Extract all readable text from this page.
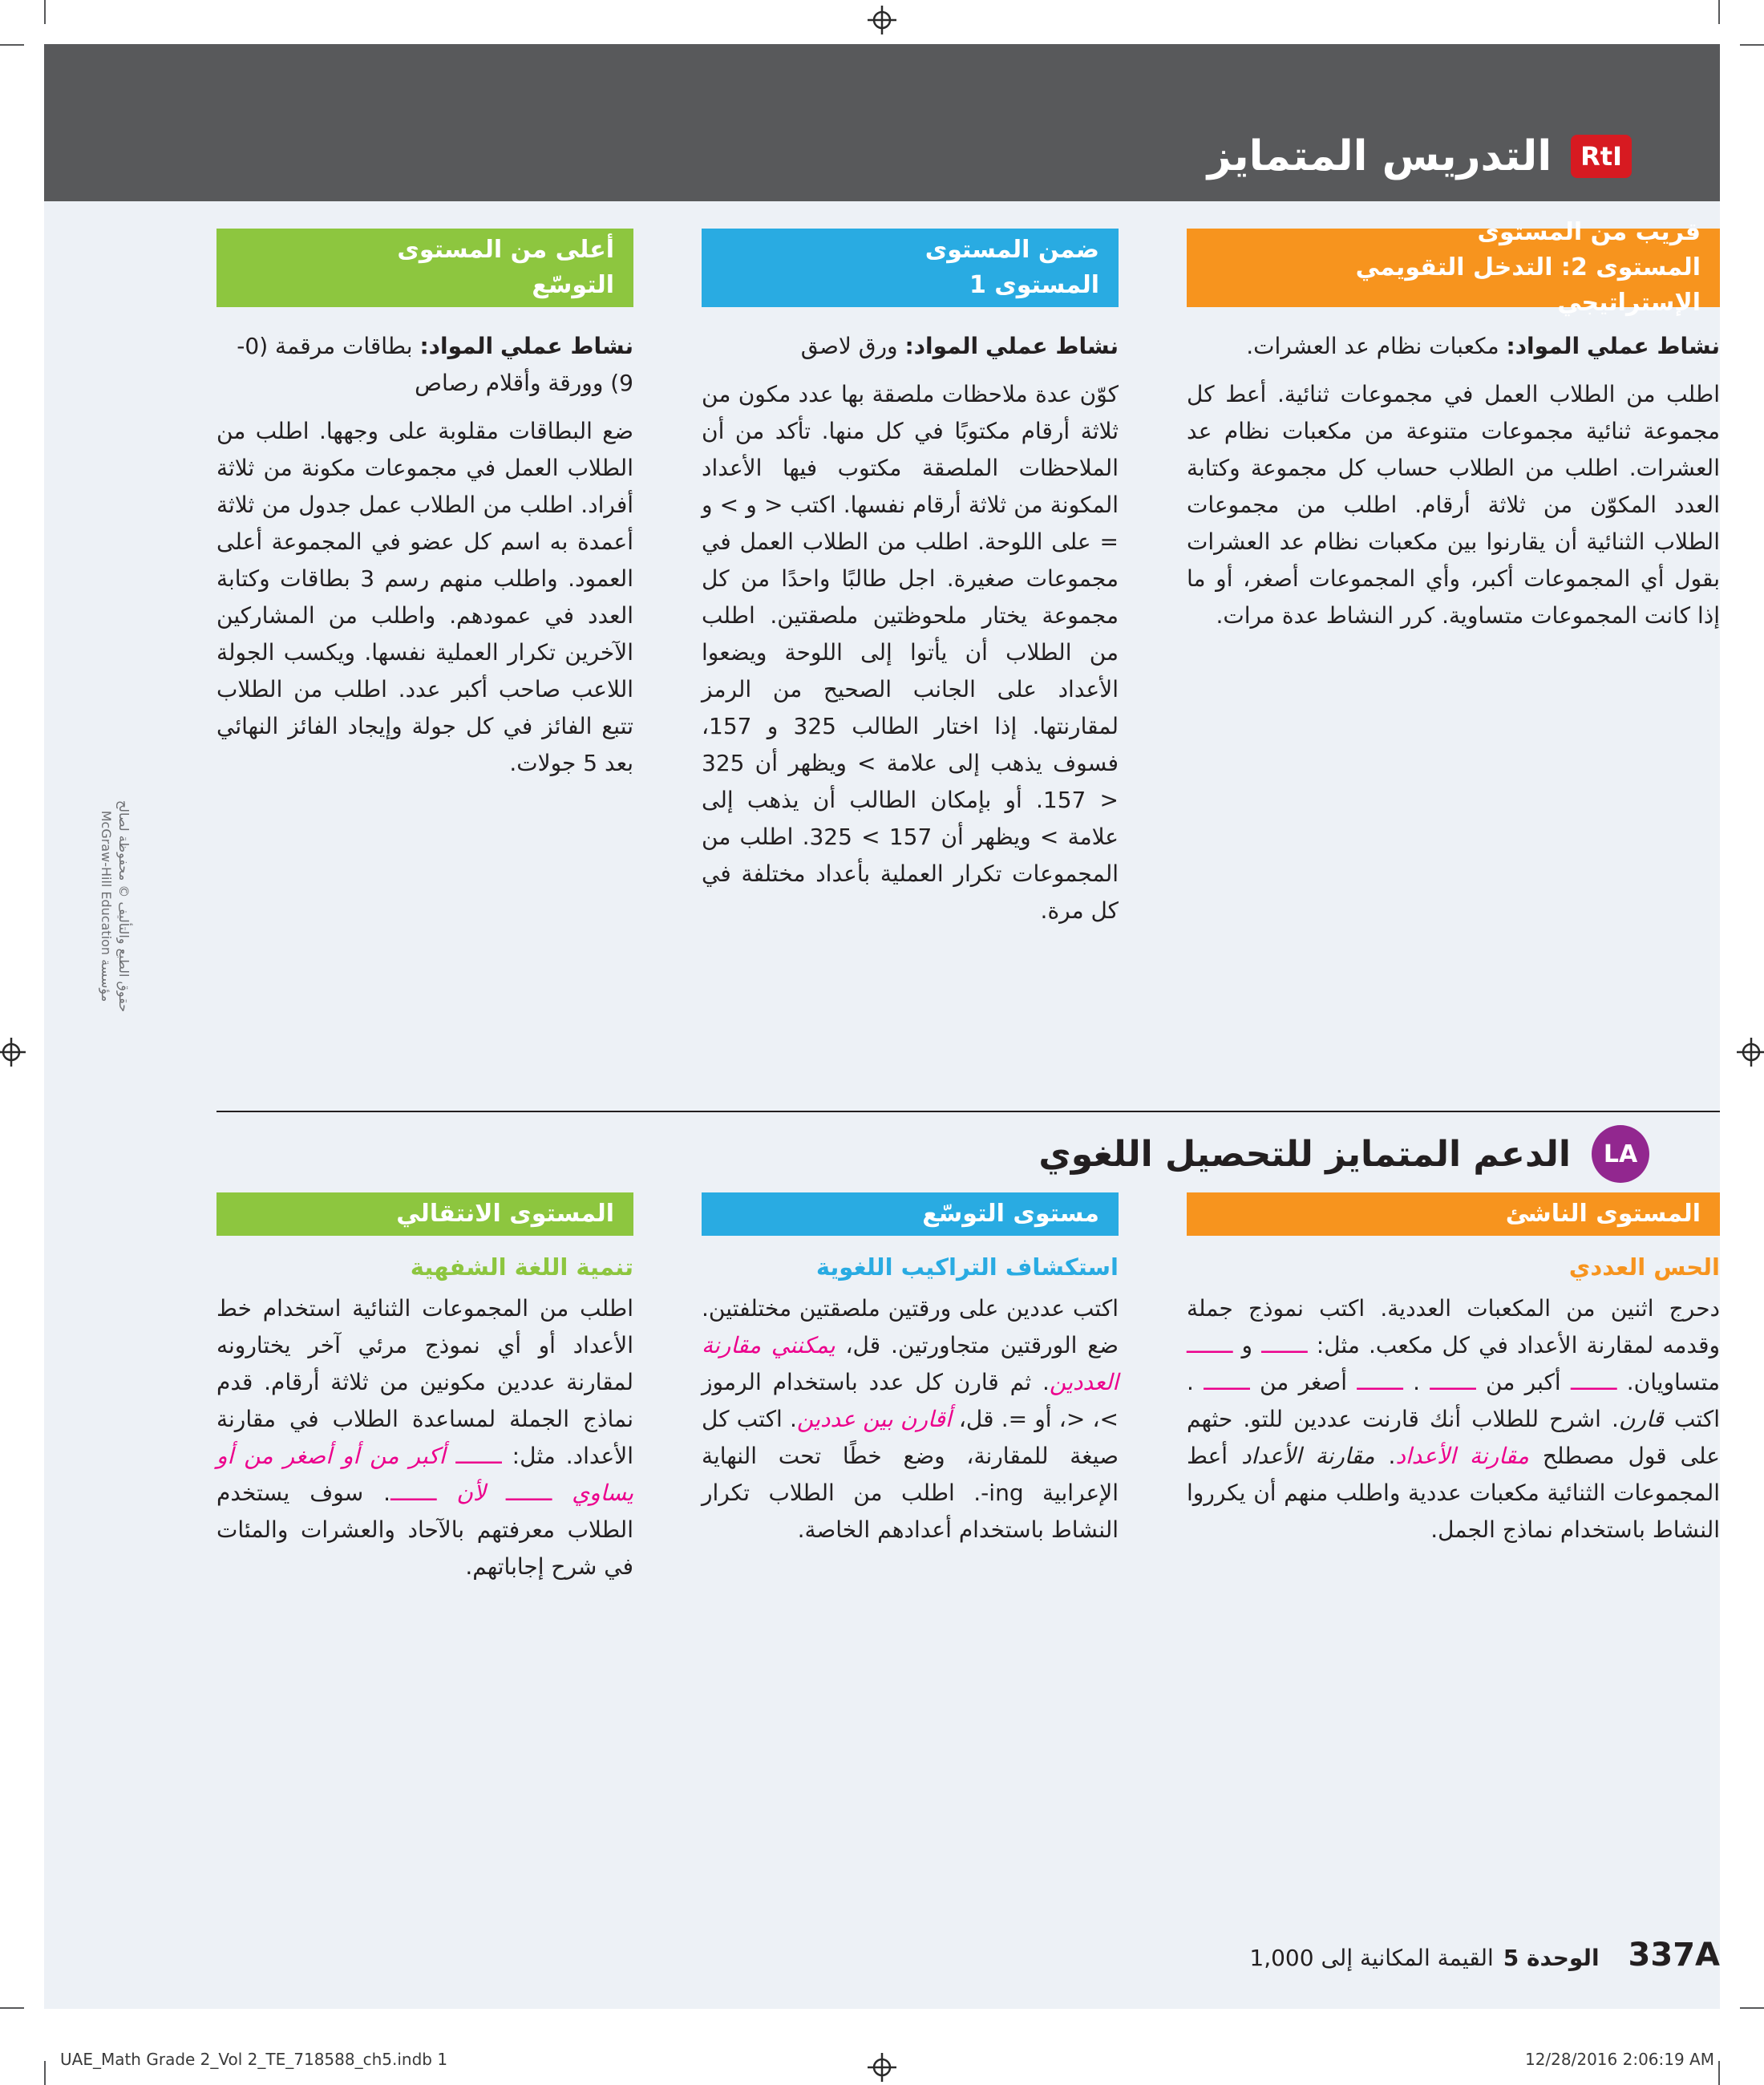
RtI
التدريس المتمايز
قريب من المستوى
المستوى 2: التدخل التقويمي الإستراتيجي

نشاط عملي المواد: مكعبات نظام عد العشرات.

اطلب من الطلاب العمل في مجموعات ثنائية. أعط كل مجموعة ثنائية مجموعات متنوعة من مكعبات نظام عد العشرات. اطلب من الطلاب حساب كل مجموعة وكتابة العدد المكوّن من ثلاثة أرقام. اطلب من مجموعات الطلاب الثنائية أن يقارنوا بين مكعبات نظام عد العشرات بقول أي المجموعات أكبر، وأي المجموعات أصغر، أو ما إذا كانت المجموعات متساوية. كرر النشاط عدة مرات.

ضمن المستوى
المستوى 1

نشاط عملي المواد: ورق لاصق

كوّن عدة ملاحظات ملصقة بها عدد مكون من ثلاثة أرقام مكتوبًا في كل منها. تأكد من أن الملاحظات الملصقة مكتوب فيها الأعداد المكونة من ثلاثة أرقام نفسها. اكتب < و > و = على اللوحة. اطلب من الطلاب العمل في مجموعات صغيرة. اجل طالبًا واحدًا من كل مجموعة يختار ملحوظتين ملصقتين. اطلب من الطلاب أن يأتوا إلى اللوحة ويضعوا الأعداد على الجانب الصحيح من الرمز لمقارنتها. إذا اختار الطالب 325 و 157، فسوف يذهب إلى علامة > ويظهر أن 325 < 157. أو بإمكان الطالب أن يذهب إلى علامة > ويظهر أن 157 > 325. اطلب من المجموعات تكرار العملية بأعداد مختلفة في كل مرة.

أعلى من المستوى
التوسّع

نشاط عملي المواد: بطاقات مرقمة (0-9) وورقة وأقلام رصاص

ضع البطاقات مقلوبة على وجهها. اطلب من الطلاب العمل في مجموعات مكونة من ثلاثة أفراد. اطلب من الطلاب عمل جدول من ثلاثة أعمدة به اسم كل عضو في المجموعة أعلى العمود. واطلب منهم رسم 3 بطاقات وكتابة العدد في عمودهم. واطلب من المشاركين الآخرين تكرار العملية نفسها. ويكسب الجولة اللاعب صاحب أكبر عدد. اطلب من الطلاب تتبع الفائز في كل جولة وإيجاد الفائز النهائي بعد 5 جولات.

LA
الدعم المتمايز للتحصيل اللغوي
المستوى الناشئ
الحس العددي

دحرج اثنين من المكعبات العددية. اكتب نموذج جملة وقدمه لمقارنة الأعداد في كل مكعب. مثل: ـــــــ و ـــــــ متساويان. ـــــــ أكبر من ـــــــ . ـــــــ أصغر من ـــــــ . اكتب قارن. اشرح للطلاب أنك قارنت عددين للتو. حثهم على قول مصطلح مقارنة الأعداد. مقارنة الأعداد أعط المجموعات الثنائية مكعبات عددية واطلب منهم أن يكرروا النشاط باستخدام نماذج الجمل.

مستوى التوسّع
استكشاف التراكيب اللغوية

اكتب عددين على ورقتين ملصقتين مختلفتين. ضع الورقتين متجاورتين. قل، يمكنني مقارنة العددين. ثم قارن كل عدد باستخدام الرموز >، <، أو =. قل، أقارن بين عددين. اكتب كل صيغة للمقارنة، وضع خطًا تحت النهاية الإعرابية ing-. اطلب من الطلاب تكرار النشاط باستخدام أعدادهم الخاصة.

المستوى الانتقالي
تنمية اللغة الشفهية

اطلب من المجموعات الثنائية استخدام خط الأعداد أو أي نموذج مرئي آخر يختارونه لمقارنة عددين مكونين من ثلاثة أرقام. قدم نماذج الجملة لمساعدة الطلاب في مقارنة الأعداد. مثل: ـــــــ أكبر من أو أصغر من أو يساوي ـــــــ لأن ـــــــ. سوف يستخدم الطلاب معرفتهم بالآحاد والعشرات والمئات في شرح إجاباتهم.

337A
الوحدة 5
القيمة المكانية إلى 1,000
حقوق الطبع والتأليف © محفوظة لصالح مؤسسة McGraw-Hill Education
UAE_Math Grade 2_Vol 2_TE_718588_ch5.indb 1	12/28/2016 2:06:19 AM
